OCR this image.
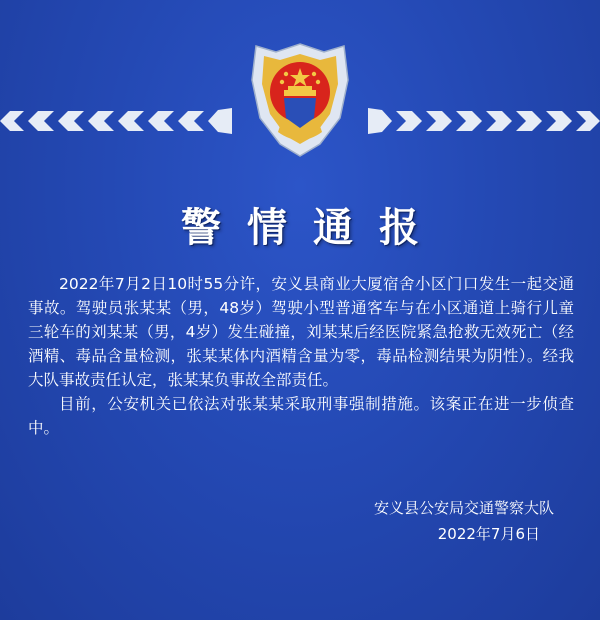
警情通报

2022年7月2日10时55分许，安义县商业大厦宿舍小区门口发生一起交通事故。驾驶员张某某（男，48岁）驾驶小型普通客车与在小区通道上骑行儿童三轮车的刘某某（男，4岁）发生碰撞，刘某某后经医院紧急抢救无效死亡（经酒精、毒品含量检测，张某某体内酒精含量为零，毒品检测结果为阴性）。经我大队事故责任认定，张某某负事故全部责任。

目前，公安机关已依法对张某某采取刑事强制措施。该案正在进一步侦查中。

安义县公安局交通警察大队
2022年7月6日
